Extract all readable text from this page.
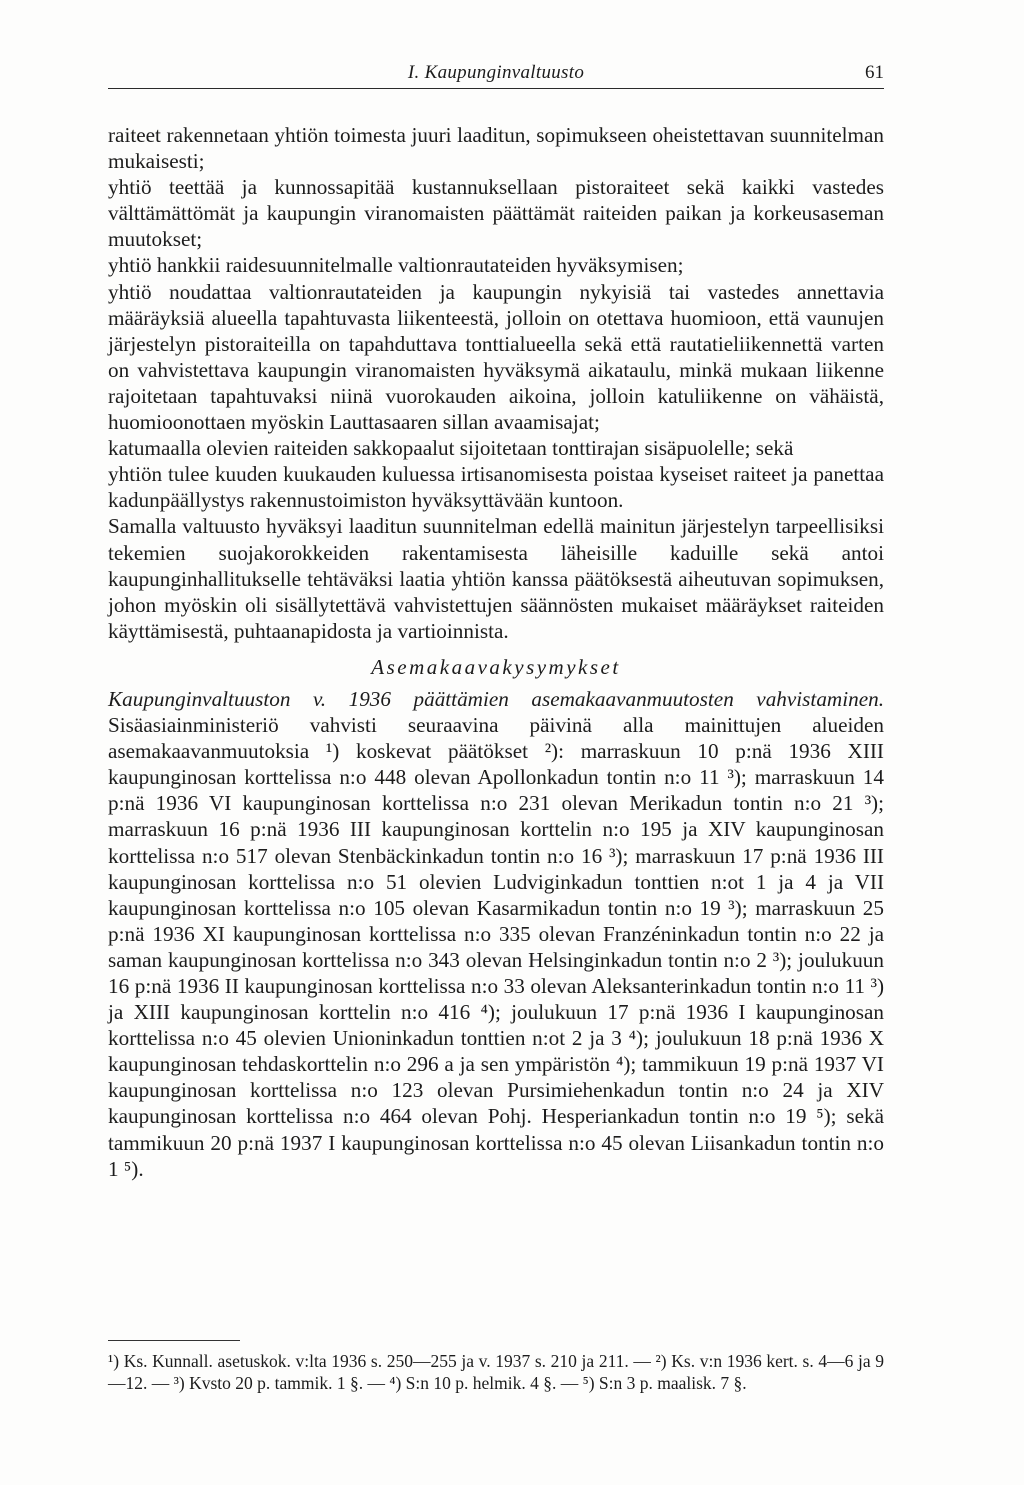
I. Kaupunginvaltuusto	61

raiteet rakennetaan yhtiön toimesta juuri laaditun, sopimukseen oheistettavan suunnitelman mukaisesti;

yhtiö teettää ja kunnossapitää kustannuksellaan pistoraiteet sekä kaikki vastedes välttämättömät ja kaupungin viranomaisten päättämät raiteiden paikan ja korkeusaseman muutokset;

yhtiö hankkii raidesuunnitelmalle valtionrautateiden hyväksymisen;

yhtiö noudattaa valtionrautateiden ja kaupungin nykyisiä tai vastedes annettavia määräyksiä alueella tapahtuvasta liikenteestä, jolloin on otettava huomioon, että vaunujen järjestelyn pistoraiteilla on tapahduttava tonttialueella sekä että rautatieliikennettä varten on vahvistettava kaupungin viranomaisten hyväksymä aikataulu, minkä mukaan liikenne rajoitetaan tapahtuvaksi niinä vuorokauden aikoina, jolloin katuliikenne on vähäistä, huomioonottaen myöskin Lauttasaaren sillan avaamisajat;

katumaalla olevien raiteiden sakkopaalut sijoitetaan tonttirajan sisäpuolelle; sekä

yhtiön tulee kuuden kuukauden kuluessa irtisanomisesta poistaa kyseiset raiteet ja panettaa kadunpäällystys rakennustoimiston hyväksyttävään kuntoon.

Samalla valtuusto hyväksyi laaditun suunnitelman edellä mainitun järjestelyn tarpeellisiksi tekemien suojakorokkeiden rakentamisesta läheisille kaduille sekä antoi kaupunginhallitukselle tehtäväksi laatia yhtiön kanssa päätöksestä aiheutuvan sopimuksen, johon myöskin oli sisällytettävä vahvistettujen säännösten mukaiset määräykset raiteiden käyttämisestä, puhtaanapidosta ja vartioinnista.

Asemakaavakysymykset

Kaupunginvaltuuston v. 1936 päättämien asemakaavanmuutosten vahvistaminen. Sisäasiainministeriö vahvisti seuraavina päivinä alla mainittujen alueiden asemakaavanmuutoksia ¹) koskevat päätökset ²): marraskuun 10 p:nä 1936 XIII kaupunginosan korttelissa n:o 448 olevan Apollonkadun tontin n:o 11 ³); marraskuun 14 p:nä 1936 VI kaupunginosan korttelissa n:o 231 olevan Merikadun tontin n:o 21 ³); marraskuun 16 p:nä 1936 III kaupunginosan korttelin n:o 195 ja XIV kaupunginosan korttelissa n:o 517 olevan Stenbäckinkadun tontin n:o 16 ³); marraskuun 17 p:nä 1936 III kaupunginosan korttelissa n:o 51 olevien Ludviginkadun tonttien n:ot 1 ja 4 ja VII kaupunginosan korttelissa n:o 105 olevan Kasarmikadun tontin n:o 19 ³); marraskuun 25 p:nä 1936 XI kaupunginosan korttelissa n:o 335 olevan Franzéninkadun tontin n:o 22 ja saman kaupunginosan korttelissa n:o 343 olevan Helsinginkadun tontin n:o 2 ³); joulukuun 16 p:nä 1936 II kaupunginosan korttelissa n:o 33 olevan Aleksanterinkadun tontin n:o 11 ³) ja XIII kaupunginosan korttelin n:o 416 ⁴); joulukuun 17 p:nä 1936 I kaupunginosan korttelissa n:o 45 olevien Unioninkadun tonttien n:ot 2 ja 3 ⁴); joulukuun 18 p:nä 1936 X kaupunginosan tehdaskorttelin n:o 296 a ja sen ympäristön ⁴); tammikuun 19 p:nä 1937 VI kaupunginosan korttelissa n:o 123 olevan Pursimiehenkadun tontin n:o 24 ja XIV kaupunginosan korttelissa n:o 464 olevan Pohj. Hesperiankadun tontin n:o 19 ⁵); sekä tammikuun 20 p:nä 1937 I kaupunginosan korttelissa n:o 45 olevan Liisankadun tontin n:o 1 ⁵).

¹) Ks. Kunnall. asetuskok. v:lta 1936 s. 250—255 ja v. 1937 s. 210 ja 211. — ²) Ks. v:n 1936 kert. s. 4—6 ja 9—12. — ³) Kvsto 20 p. tammik. 1 §. — ⁴) S:n 10 p. helmik. 4 §. — ⁵) S:n 3 p. maalisk. 7 §.
